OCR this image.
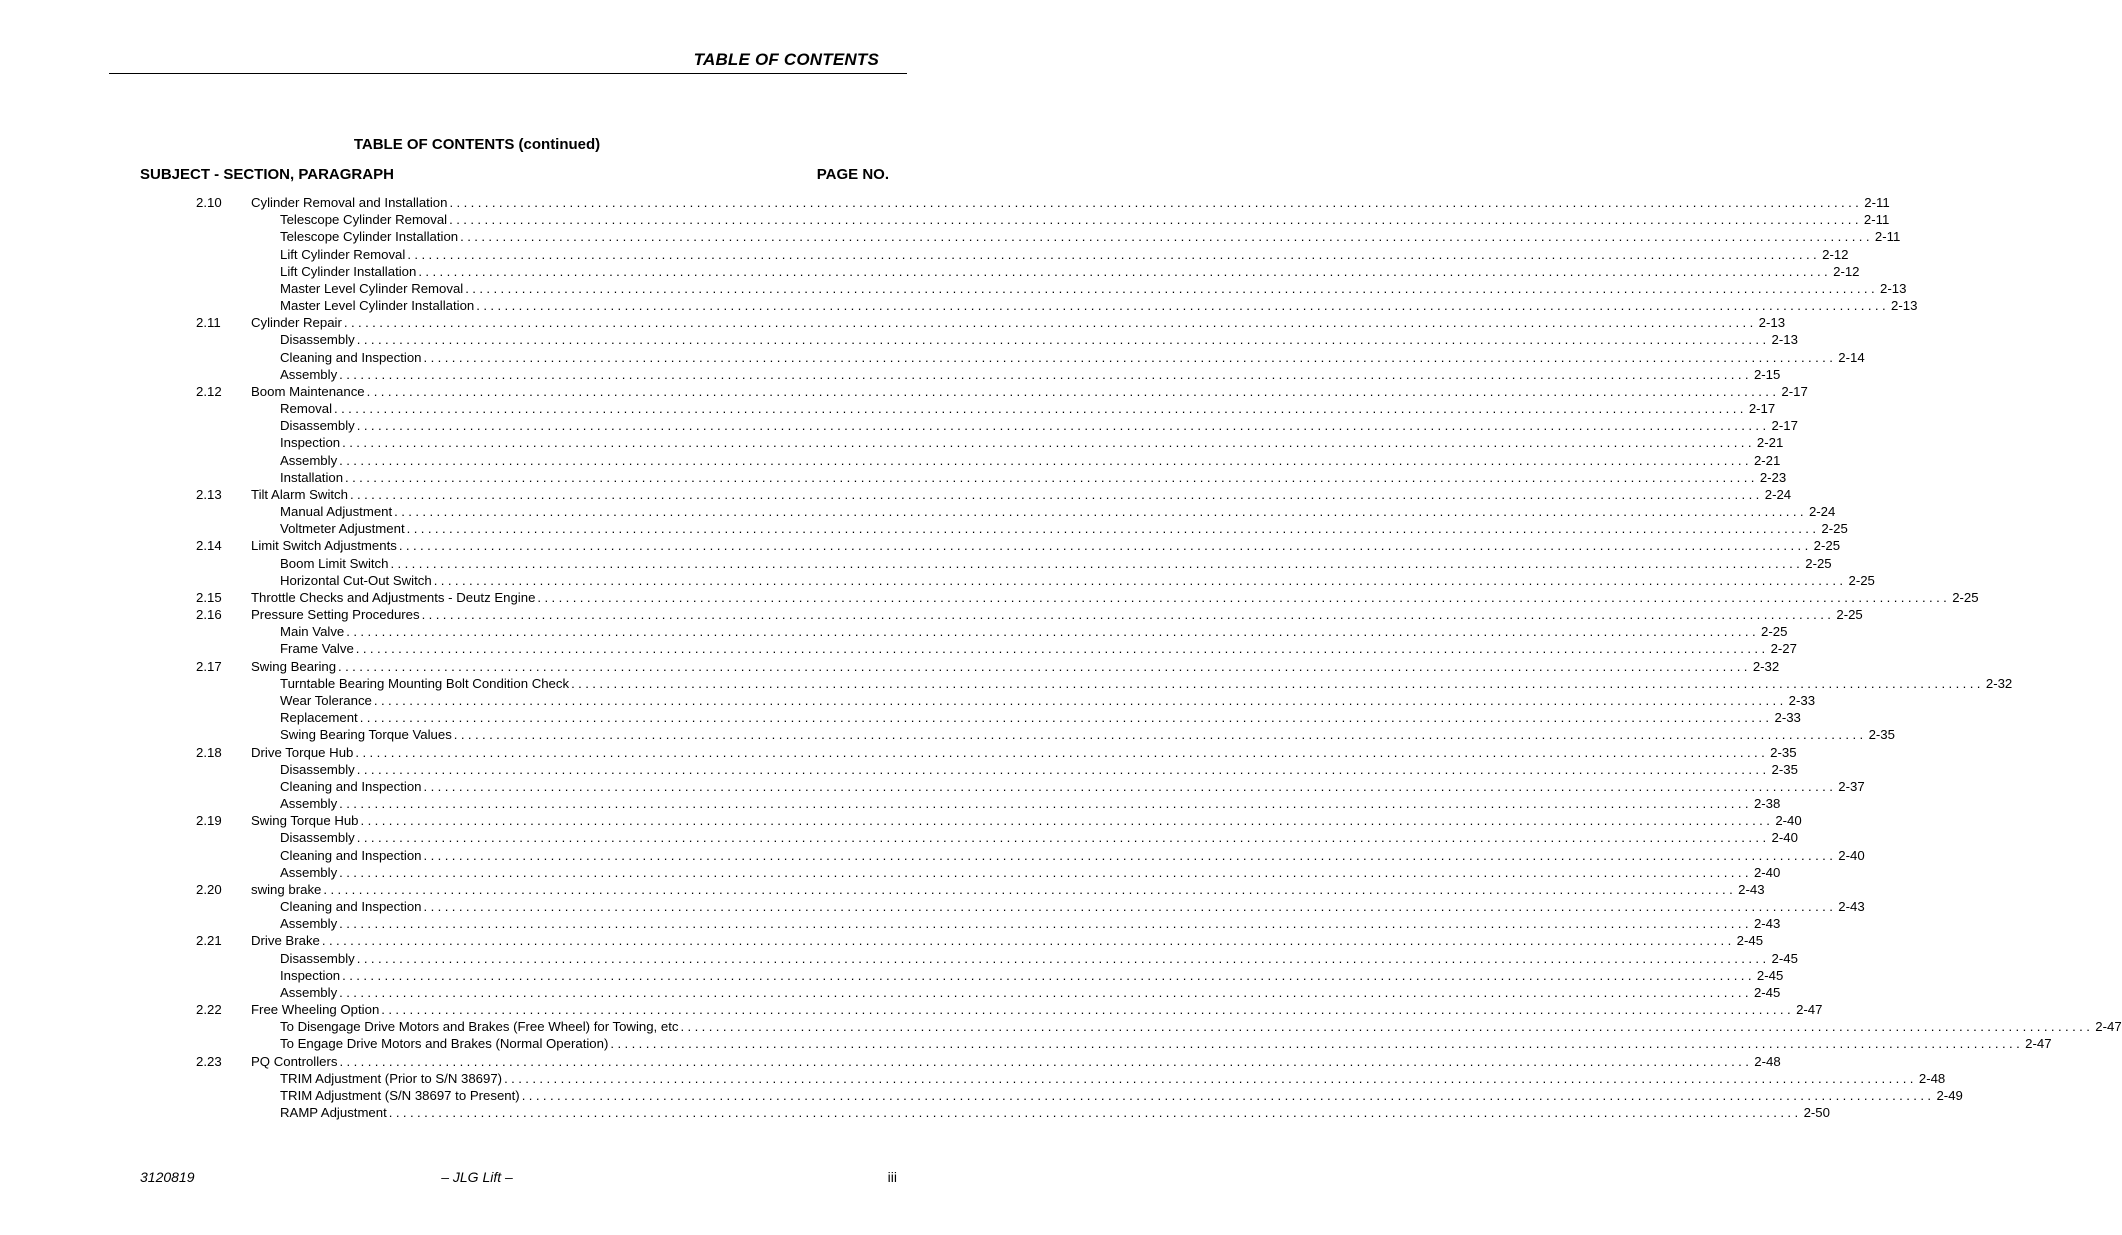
TABLE OF CONTENTS
TABLE OF CONTENTS (continued)
SUBJECT - SECTION, PARAGRAPH	PAGE NO.
2.10 Cylinder Removal and Installation ........................................................................................................................................................................................................ 2-11
Telescope Cylinder Removal ........................................................................................................................................................................................................ 2-11
Telescope Cylinder Installation ........................................................................................................................................................................................................ 2-11
Lift Cylinder Removal ........................................................................................................................................................................................................ 2-12
Lift Cylinder Installation ........................................................................................................................................................................................................ 2-12
Master Level Cylinder Removal ........................................................................................................................................................................................................ 2-13
Master Level Cylinder Installation ........................................................................................................................................................................................................ 2-13
2.11 Cylinder Repair ........................................................................................................................................................................................................ 2-13
Disassembly ........................................................................................................................................................................................................ 2-13
Cleaning and Inspection ........................................................................................................................................................................................................ 2-14
Assembly ........................................................................................................................................................................................................ 2-15
2.12 Boom Maintenance ........................................................................................................................................................................................................ 2-17
Removal ........................................................................................................................................................................................................ 2-17
Disassembly ........................................................................................................................................................................................................ 2-17
Inspection ........................................................................................................................................................................................................ 2-21
Assembly ........................................................................................................................................................................................................ 2-21
Installation ........................................................................................................................................................................................................ 2-23
2.13 Tilt Alarm Switch ........................................................................................................................................................................................................ 2-24
Manual Adjustment ........................................................................................................................................................................................................ 2-24
Voltmeter Adjustment ........................................................................................................................................................................................................ 2-25
2.14 Limit Switch Adjustments ........................................................................................................................................................................................................ 2-25
Boom Limit Switch ........................................................................................................................................................................................................ 2-25
Horizontal Cut-Out Switch ........................................................................................................................................................................................................ 2-25
2.15 Throttle Checks and Adjustments - Deutz Engine ........................................................................................................................................................................................................ 2-25
2.16 Pressure Setting Procedures ........................................................................................................................................................................................................ 2-25
Main Valve ........................................................................................................................................................................................................ 2-25
Frame Valve ........................................................................................................................................................................................................ 2-27
2.17 Swing Bearing ........................................................................................................................................................................................................ 2-32
Turntable Bearing Mounting Bolt Condition Check ........................................................................................................................................................................................................ 2-32
Wear Tolerance ........................................................................................................................................................................................................ 2-33
Replacement ........................................................................................................................................................................................................ 2-33
Swing Bearing Torque Values ........................................................................................................................................................................................................ 2-35
2.18 Drive Torque Hub ........................................................................................................................................................................................................ 2-35
Disassembly ........................................................................................................................................................................................................ 2-35
Cleaning and Inspection ........................................................................................................................................................................................................ 2-37
Assembly ........................................................................................................................................................................................................ 2-38
2.19 Swing Torque Hub ........................................................................................................................................................................................................ 2-40
Disassembly ........................................................................................................................................................................................................ 2-40
Cleaning and Inspection ........................................................................................................................................................................................................ 2-40
Assembly ........................................................................................................................................................................................................ 2-40
2.20 swing brake ........................................................................................................................................................................................................ 2-43
Cleaning and Inspection ........................................................................................................................................................................................................ 2-43
Assembly ........................................................................................................................................................................................................ 2-43
2.21 Drive Brake ........................................................................................................................................................................................................ 2-45
Disassembly ........................................................................................................................................................................................................ 2-45
Inspection ........................................................................................................................................................................................................ 2-45
Assembly ........................................................................................................................................................................................................ 2-45
2.22 Free Wheeling Option ........................................................................................................................................................................................................ 2-47
To Disengage Drive Motors and Brakes (Free Wheel) for Towing, etc ........................................................................................................................................................................................................ 2-47
To Engage Drive Motors and Brakes (Normal Operation) ........................................................................................................................................................................................................ 2-47
2.23 PQ Controllers ........................................................................................................................................................................................................ 2-48
TRIM Adjustment (Prior to S/N 38697) ........................................................................................................................................................................................................ 2-48
TRIM Adjustment (S/N 38697 to Present) ........................................................................................................................................................................................................ 2-49
RAMP Adjustment ........................................................................................................................................................................................................ 2-50
3120819	– JLG Lift –	iii
